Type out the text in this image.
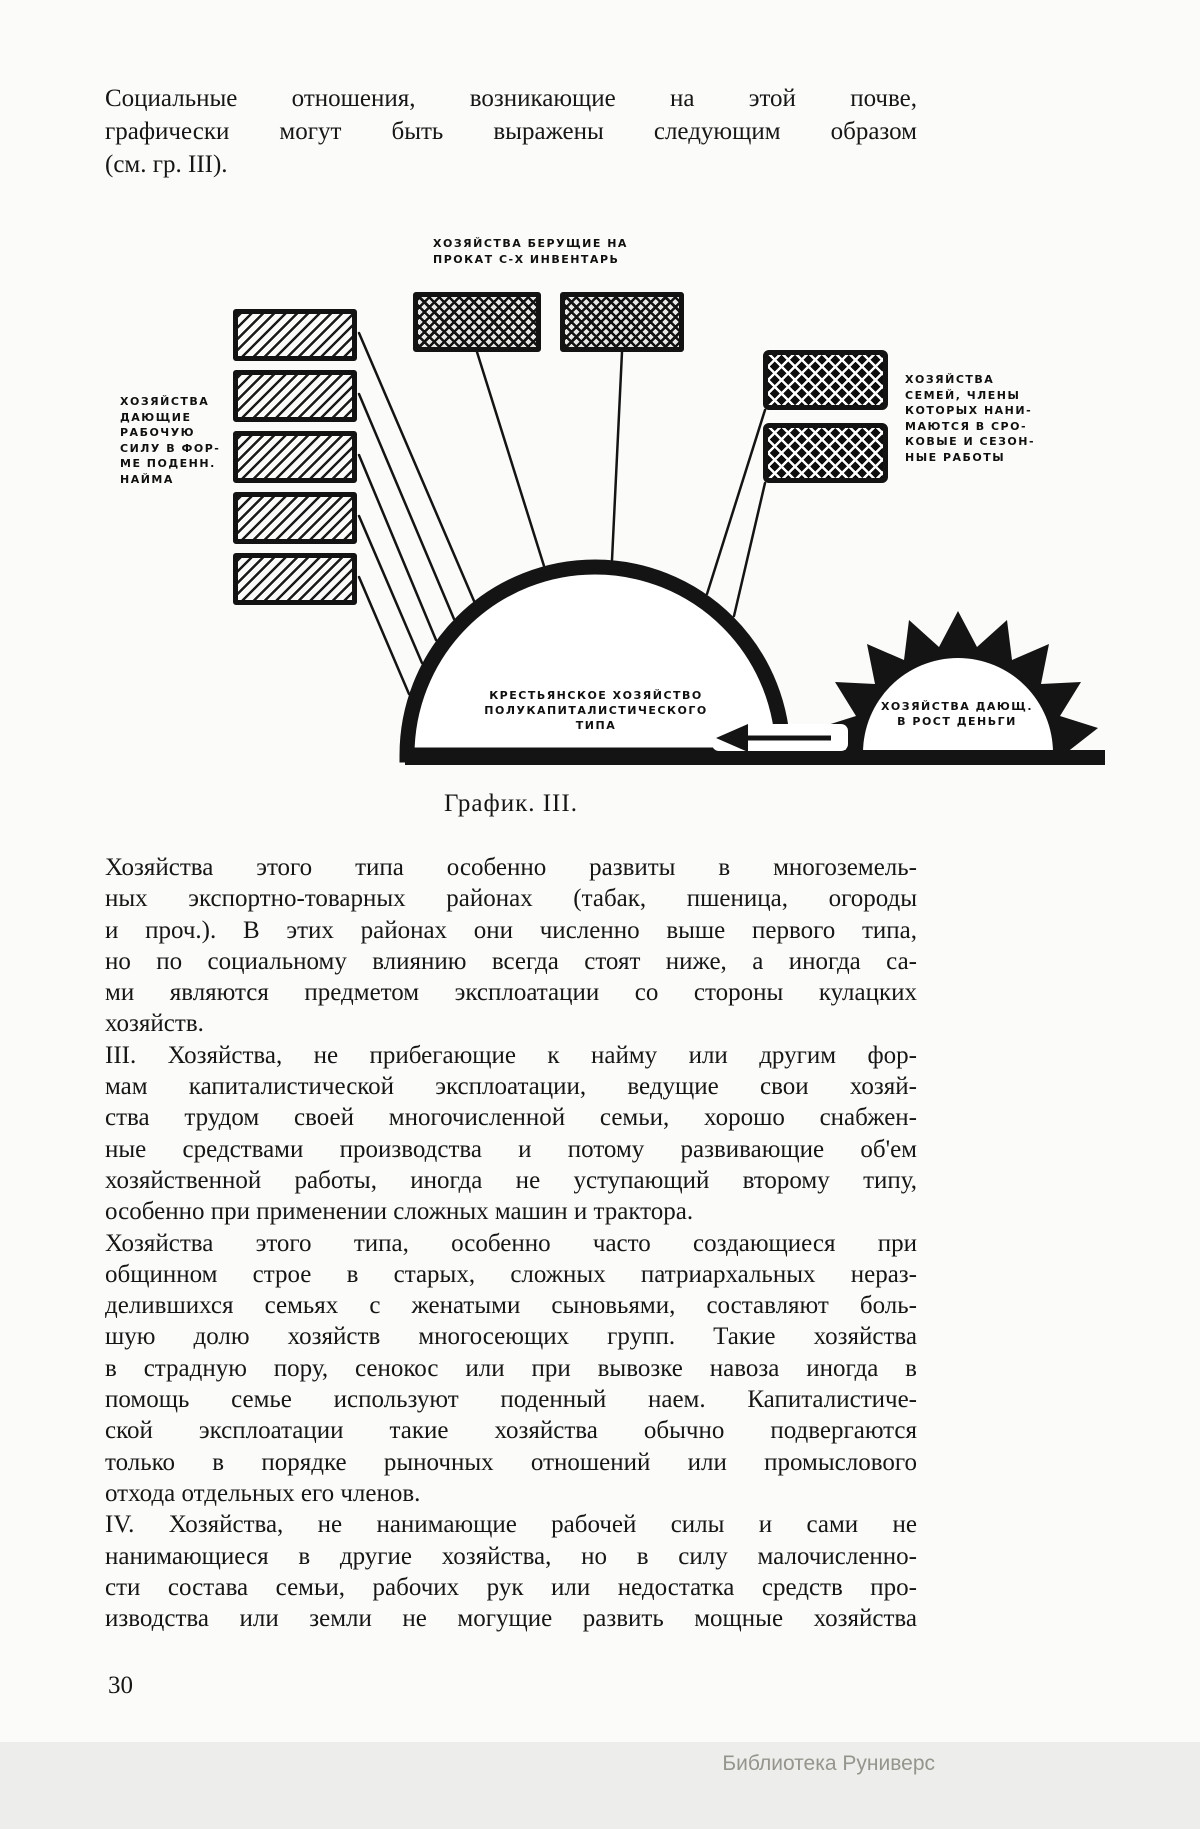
Социальные отношения, возникающие на этой почве,
графически могут быть выражены следующим образом
(см. гр. III).
ХОЗЯЙСТВА БЕРУЩИЕ НА
ПРОКАТ С-Х ИНВЕНТАРЬ
ХОЗЯЙСТВА
ДАЮЩИЕ
РАБОЧУЮ
СИЛУ В ФОР-
МЕ ПОДЕНН.
НАЙМА
ХОЗЯЙСТВА
СЕМЕЙ, ЧЛЕНЫ
КОТОРЫХ НАНИ-
МАЮТСЯ В СРО-
КОВЫЕ И СЕЗОН-
НЫЕ РАБОТЫ
КРЕСТЬЯНСКОЕ ХОЗЯЙСТВО
ПОЛУКАПИТАЛИСТИЧЕСКОГО
ТИПА
ХОЗЯЙСТВА ДАЮЩ.
В РОСТ ДЕНЬГИ
График. III.
Хозяйства этого типа особенно развиты в многоземель-
ных экспортно-товарных районах (табак, пшеница, огороды
и проч.). В этих районах они численно выше первого типа,
но по социальному влиянию всегда стоят ниже, а иногда са-
ми являются предметом эксплоатации со стороны кулацких
хозяйств.
III. Хозяйства, не прибегающие к найму или другим фор-
мам капиталистической эксплоатации, ведущие свои хозяй-
ства трудом своей многочисленной семьи, хорошо снабжен-
ные средствами производства и потому развивающие об'ем
хозяйственной работы, иногда не уступающий второму типу,
особенно при применении сложных машин и трактора.
Хозяйства этого типа, особенно часто создающиеся при
общинном строе в старых, сложных патриархальных нераз-
делившихся семьях с женатыми сыновьями, составляют боль-
шую долю хозяйств многосеющих групп. Такие хозяйства
в страдную пору, сенокос или при вывозке навоза иногда в
помощь семье используют поденный наем. Капиталистиче-
ской эксплоатации такие хозяйства обычно подвергаются
только в порядке рыночных отношений или промыслового
отхода отдельных его членов.
IV. Хозяйства, не нанимающие рабочей силы и сами не
нанимающиеся в другие хозяйства, но в силу малочисленно-
сти состава семьи, рабочих рук или недостатка средств про-
изводства или земли не могущие развить мощные хозяйства
30
Библиотека Руниверс
